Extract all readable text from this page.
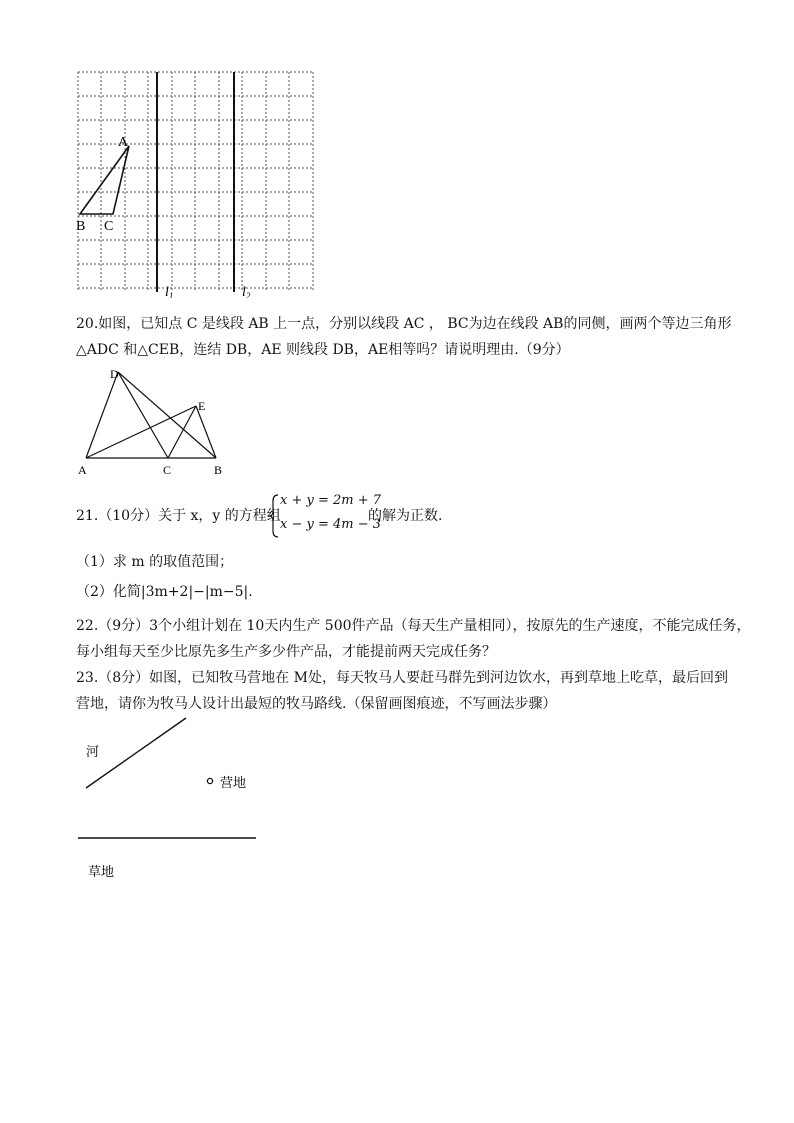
A
B C
$l_1$	$l_2$
20.如图，已知点 C 是线段 AB 上一点，分别以线段 AC ， BC为边在线段 AB的同侧，画两个等边三角形
△ADC 和△CEB，连结 DB，AE 则线段 DB，AE相等吗？请说明理由.（9分）
D
E
A	C	B
21.（10分）关于 x，y 的方程组
x + y = 2m + 7
x − y = 4m − 3
的解为正数.
（1）求 m 的取值范围；
（2）化简|3m+2|−|m−5|.
22.（9分）3个小组计划在 10天内生产 500件产品（每天生产量相同），按原先的生产速度，不能完成任务，
每小组每天至少比原先多生产多少件产品，才能提前两天完成任务？
23.（8分）如图，已知牧马营地在 M处，每天牧马人要赶马群先到河边饮水，再到草地上吃草，最后回到
营地，请你为牧马人设计出最短的牧马路线.（保留画图痕迹，不写画法步骤）
河
营地
草地
